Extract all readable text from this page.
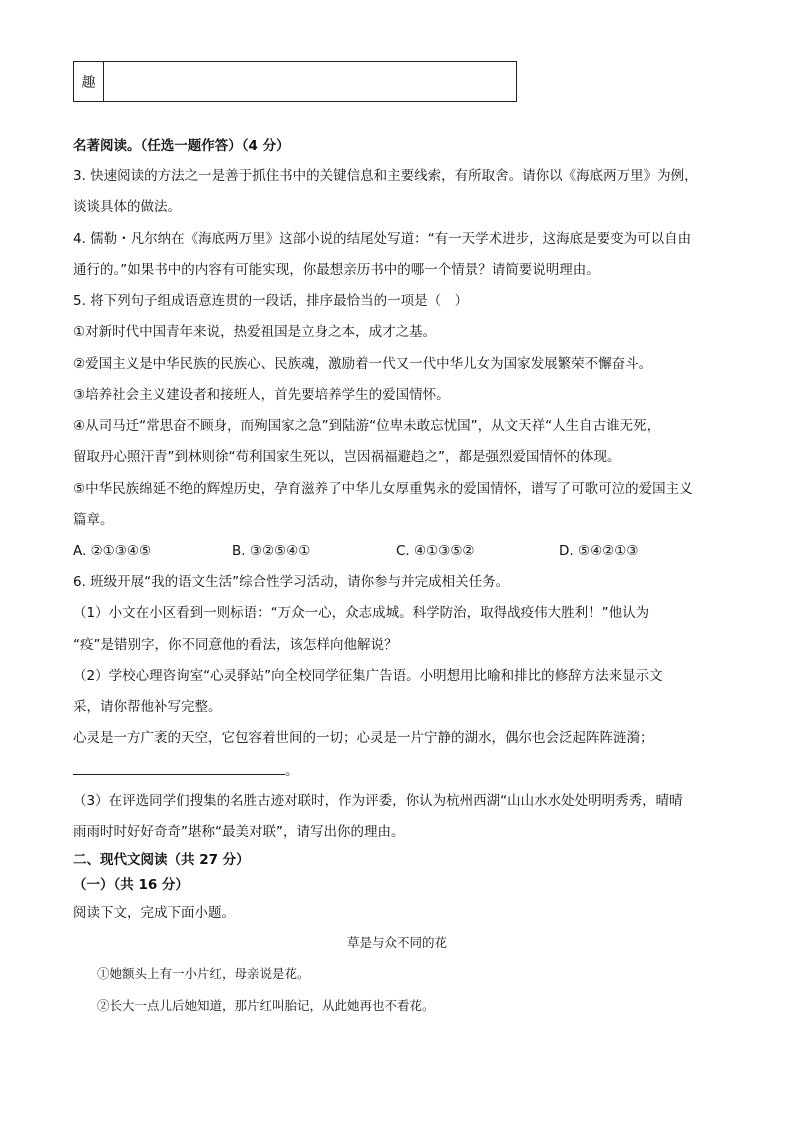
趣	
名著阅读。（任选一题作答）（4 分）
3. 快速阅读的方法之一是善于抓住书中的关键信息和主要线索，有所取舍。请你以《海底两万里》为例，
谈谈具体的做法。
4. 儒勒・凡尔纳在《海底两万里》这部小说的结尾处写道：“有一天学术进步，这海底是要变为可以自由
通行的。”如果书中的内容有可能实现，你最想亲历书中的哪一个情景？请简要说明理由。
5. 将下列句子组成语意连贯的一段话，排序最恰当的一项是（　）
①对新时代中国青年来说，热爱祖国是立身之本，成才之基。
②爱国主义是中华民族的民族心、民族魂，激励着一代又一代中华儿女为国家发展繁荣不懈奋斗。
③培养社会主义建设者和接班人，首先要培养学生的爱国情怀。
④从司马迁“常思奋不顾身，而殉国家之急”到陆游“位卑未敢忘忧国”，从文天祥“人生自古谁无死，
留取丹心照汗青”到林则徐“苟利国家生死以，岂因祸福避趋之”，都是强烈爱国情怀的体现。
⑤中华民族绵延不绝的辉煌历史，孕育滋养了中华儿女厚重隽永的爱国情怀，谱写了可歌可泣的爱国主义
篇章。
A. ②①③④⑤	B. ③②⑤④①	C. ④①③⑤②	D. ⑤④②①③
6. 班级开展“我的语文生活”综合性学习活动，请你参与并完成相关任务。
（1）小文在小区看到一则标语：“万众一心，众志成城。科学防治，取得战疫伟大胜利！”他认为
“疫”是错别字，你不同意他的看法，该怎样向他解说？
（2）学校心理咨询室“心灵驿站”向全校同学征集广告语。小明想用比喻和排比的修辞方法来显示文
采，请你帮他补写完整。
心灵是一方广袤的天空，它包容着世间的一切；心灵是一片宁静的湖水，偶尔也会泛起阵阵涟漪；
。
（3）在评选同学们搜集的名胜古迹对联时，作为评委，你认为杭州西湖“山山水水处处明明秀秀，晴晴
雨雨时时好好奇奇”堪称“最美对联”，请写出你的理由。
二、现代文阅读（共 27 分）
（一）（共 16 分）
阅读下文，完成下面小题。
草是与众不同的花
①她额头上有一小片红，母亲说是花。
②长大一点儿后她知道，那片红叫胎记，从此她再也不看花。
